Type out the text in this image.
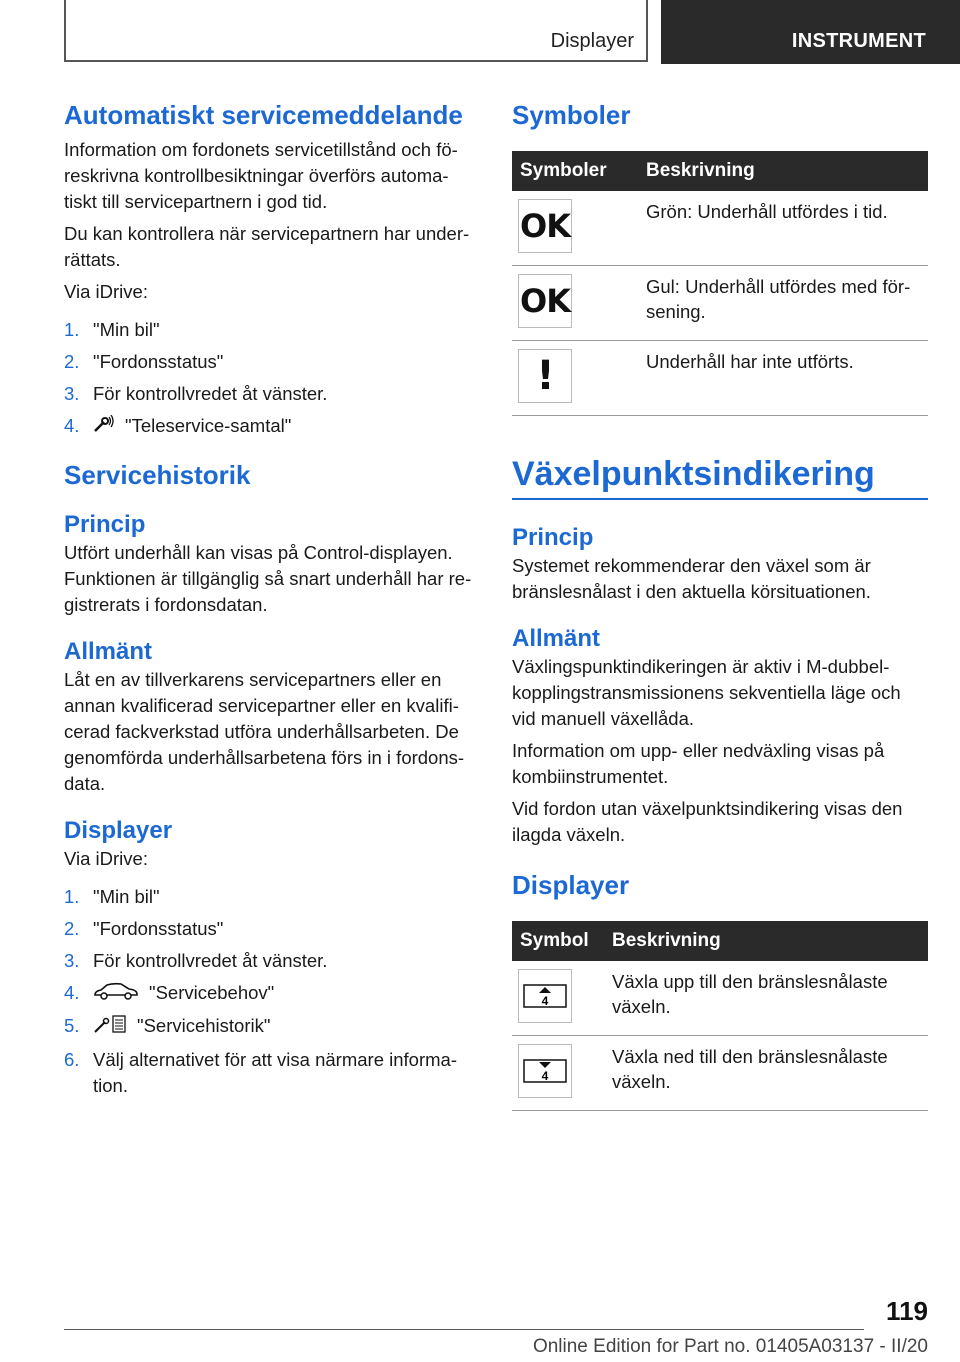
Displayer	INSTRUMENT
Automatiskt servicemeddelande

Information om fordonets servicetillstånd och fö-reskrivna kontrollbesiktningar överförs automa-tiskt till servicepartnern i god tid.

Du kan kontrollera när servicepartnern har under-rättats.

Via iDrive:

1. "Min bil"
2. "Fordonsstatus"
3. För kontrollvredet åt vänster.
4. "Teleservice-samtal"
Servicehistorik
Princip

Utfört underhåll kan visas på Control-displayen. Funktionen är tillgänglig så snart underhåll har re-gistrerats i fordonsdatan.

Allmänt

Låt en av tillverkarens servicepartners eller en annan kvalificerad servicepartner eller en kvalifi-cerad fackverkstad utföra underhållsarbeten. De genomförda underhållsarbetena förs in i fordons-data.

Displayer

Via iDrive:

1. "Min bil"
2. "Fordonsstatus"
3. För kontrollvredet åt vänster.
4.	"Servicebehov"
5.	"Servicehistorik"
6. Välj alternativet för att visa närmare informa-tion.
Symboler
Symboler	Beskrivning

OK	Grön: Underhåll utfördes i tid.

OK	Gul: Underhåll utfördes med för-sening.

!	Underhåll har inte utförts.
Växelpunktsindikering
Princip

Systemet rekommenderar den växel som är bränslesnålast i den aktuella körsituationen.

Allmänt

Växlingspunktindikeringen är aktiv i M-dubbel-kopplingstransmissionens sekventiella läge och vid manuell växellåda.

Information om upp- eller nedväxling visas på kombiinstrumentet.

Vid fordon utan växelpunktsindikering visas den ilagda växeln.

Displayer
Symbol	Beskrivning

4	Växla upp till den bränslesnålaste växeln.

4	Växla ned till den bränslesnålaste växeln.
119
Online Edition for Part no. 01405A03137 - II/20
